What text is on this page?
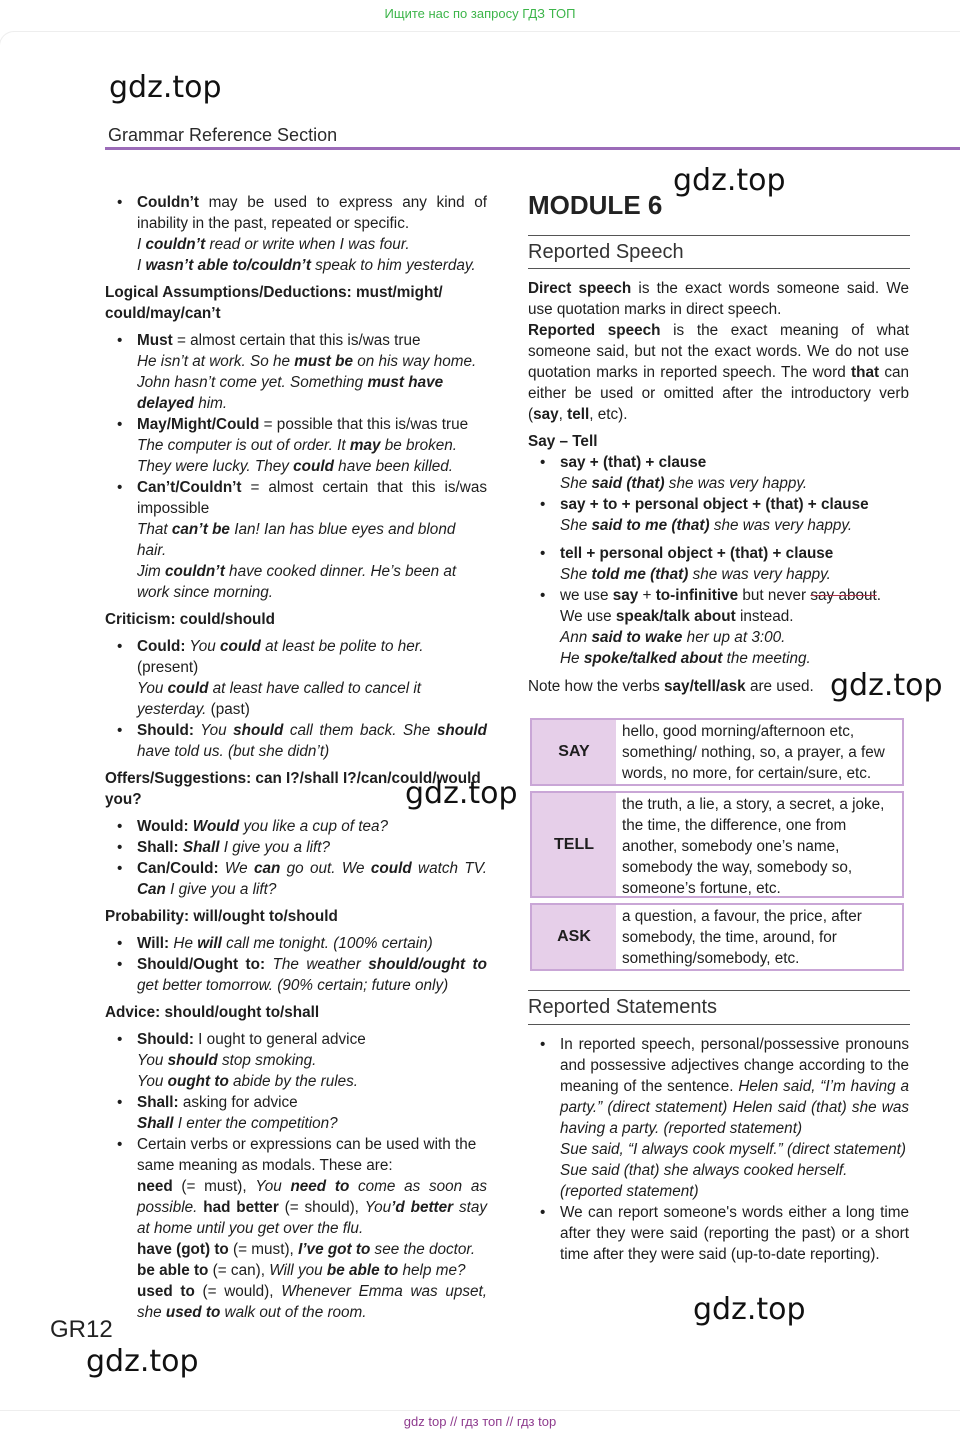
Ищите нас по запросу ГДЗ ТОП
gdz.top
Grammar Reference Section

• Couldn’t may be used to express any kind of inability in the past, repeated or specific.

I couldn’t read or write when I was four.

I wasn’t able to/couldn’t speak to him yesterday.

Logical Assumptions/Deductions: must/might/ could/may/can’t

• Must = almost certain that this is/was true

He isn’t at work. So he must be on his way home.

John hasn’t come yet. Something must have delayed him.

• May/Might/Could = possible that this is/was true

The computer is out of order. It may be broken.

They were lucky. They could have been killed.

• Can’t/Couldn’t = almost certain that this is/was impossible

That can’t be Ian! Ian has blue eyes and blond hair.

Jim couldn’t have cooked dinner. He’s been at work since morning.

Criticism: could/should

• Could: You could at least be polite to her. (present)

You could at least have called to cancel it yesterday. (past)

• Should: You should call them back. She should have told us. (but she didn’t)

Offers/Suggestions: can I?/shall I?/can/could/would you?

• Would: Would you like a cup of tea?

• Shall: Shall I give you a lift?

• Can/Could: We can go out. We could watch TV. Can I give you a lift?

Probability: will/ought to/should

• Will: He will call me tonight. (100% certain)

• Should/Ought to: The weather should/ought to get better tomorrow. (90% certain; future only)

Advice: should/ought to/shall

• Should: I ought to general advice

You should stop smoking.

You ought to abide by the rules.

• Shall: asking for advice

Shall I enter the competition?

• Certain verbs or expressions can be used with the same meaning as modals. These are:

need (= must), You need to come as soon as possible. had better (= should), You’d better stay at home until you get over the flu.

have (got) to (= must), I’ve got to see the doctor.

be able to (= can), Will you be able to help me?

used to (= would), Whenever Emma was upset, she used to walk out of the room.

gdz.top
MODULE 6
gdz.top
Reported Speech

Direct speech is the exact words someone said. We use quotation marks in direct speech.

Reported speech is the exact meaning of what someone said, but not the exact words. We do not use quotation marks in reported speech. The word that can either be used or omitted after the introductory verb (say, tell, etc).

Say – Tell

• say + (that) + clause

She said (that) she was very happy.

• say + to + personal object + (that) + clause

She said to me (that) she was very happy.

• tell + personal object + (that) + clause

She told me (that) she was very happy.

• we use say + to-infinitive but never say about.

We use speak/talk about instead.

Ann said to wake her up at 3:00.

He spoke/talked about the meeting.

Note how the verbs say/tell/ask are used. gdz.top
SAY
hello, good morning/afternoon etc, something/ nothing, so, a prayer, a few words, no more, for certain/sure, etc.
TELL
the truth, a lie, a story, a secret, a joke, the time, the difference, one from another, somebody one’s name, somebody the way, somebody so, someone’s fortune, etc.
ASK
a question, a favour, the price, after somebody, the time, around, for something/somebody, etc.
Reported Statements

• In reported speech, personal/possessive pronouns and possessive adjectives change according to the meaning of the sentence. Helen said, “I’m having a party.” (direct statement) Helen said (that) she was having a party. (reported statement)

Sue said, “I always cook myself.” (direct statement)

Sue said (that) she always cooked herself. (reported statement)

• We can report someone's words either a long time after they were said (reporting the past) or a short time after they were said (up-to-date reporting).

gdz.top
GR12
gdz.top
gdz top // гдз топ // гдз top
